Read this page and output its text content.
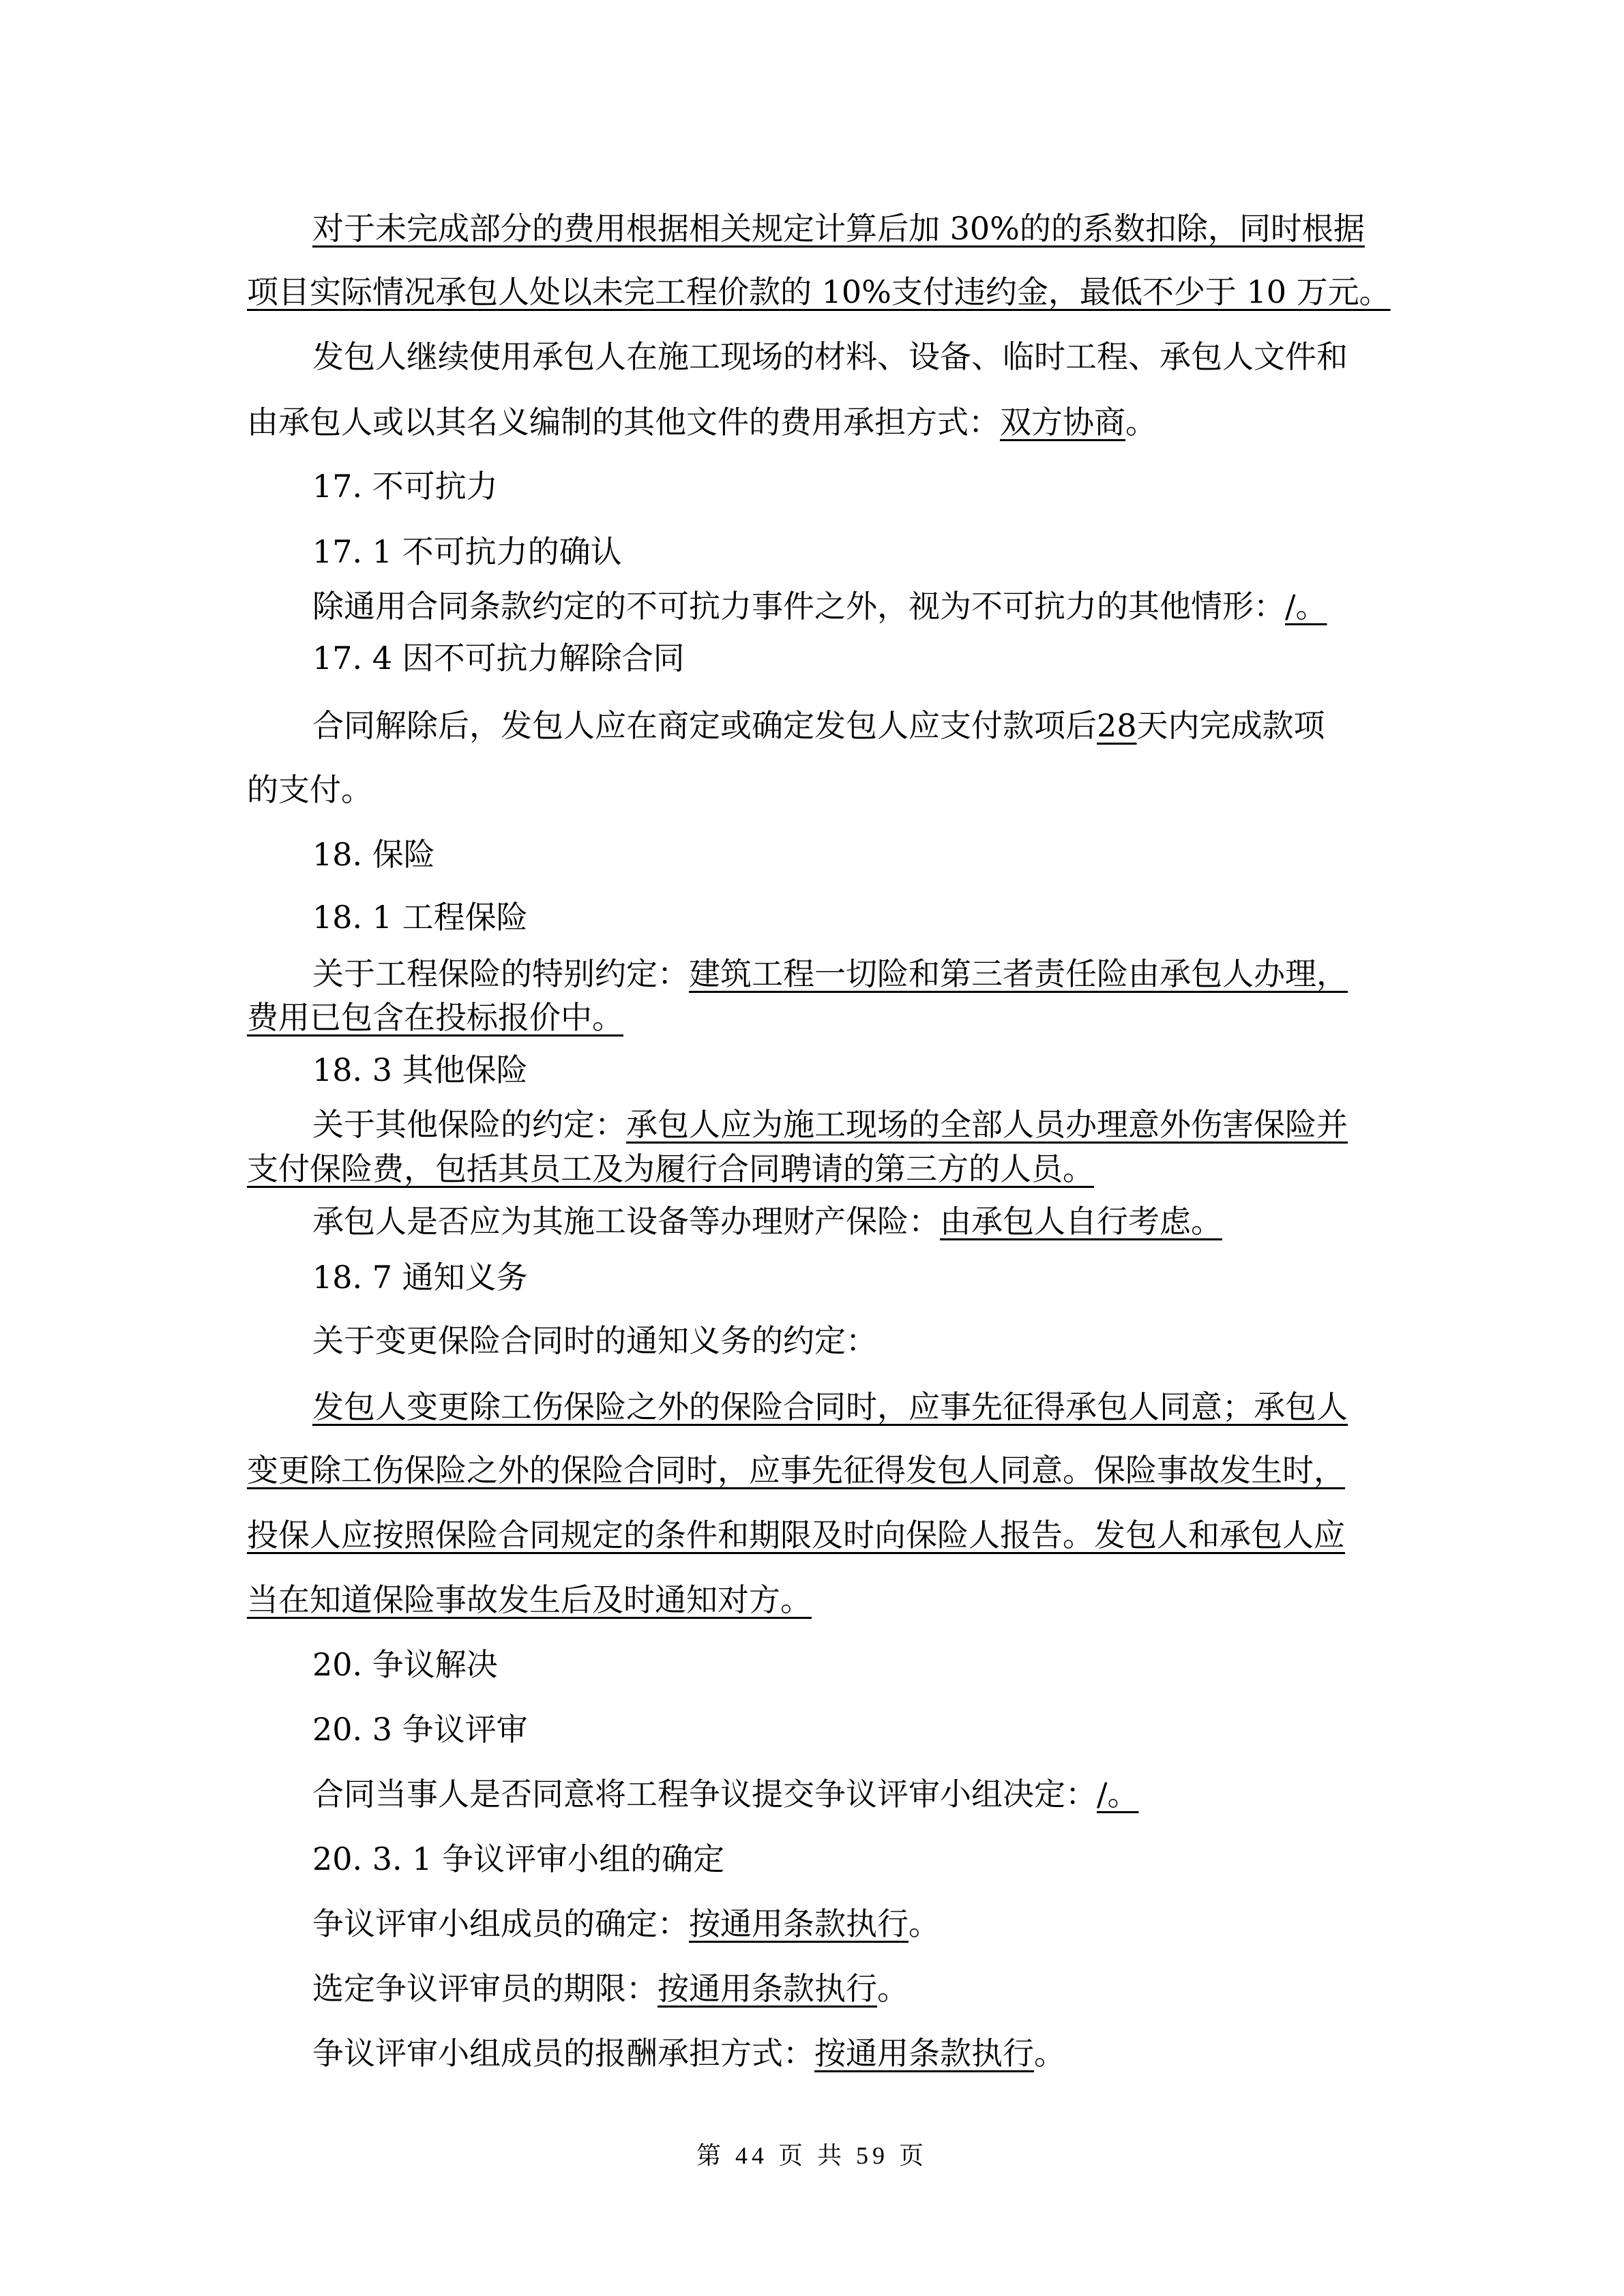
对于未完成部分的费用根据相关规定计算后加 30%的的系数扣除，同时根据
项目实际情况承包人处以未完工程价款的 10%支付违约金，最低不少于 10 万元。
发包人继续使用承包人在施工现场的材料、设备、临时工程、承包人文件和
由承包人或以其名义编制的其他文件的费用承担方式：双方协商。
17. 不可抗力
17. 1 不可抗力的确认
除通用合同条款约定的不可抗力事件之外，视为不可抗力的其他情形：/。
17. 4 因不可抗力解除合同
合同解除后，发包人应在商定或确定发包人应支付款项后28天内完成款项
的支付。
18. 保险
18. 1 工程保险
关于工程保险的特别约定：建筑工程一切险和第三者责任险由承包人办理，
费用已包含在投标报价中。
18. 3 其他保险
关于其他保险的约定：承包人应为施工现场的全部人员办理意外伤害保险并
支付保险费，包括其员工及为履行合同聘请的第三方的人员。
承包人是否应为其施工设备等办理财产保险：由承包人自行考虑。
18. 7 通知义务
关于变更保险合同时的通知义务的约定：
发包人变更除工伤保险之外的保险合同时，应事先征得承包人同意；承包人
变更除工伤保险之外的保险合同时，应事先征得发包人同意。保险事故发生时，
投保人应按照保险合同规定的条件和期限及时向保险人报告。发包人和承包人应
当在知道保险事故发生后及时通知对方。
20. 争议解决
20. 3 争议评审
合同当事人是否同意将工程争议提交争议评审小组决定：/。
20. 3. 1 争议评审小组的确定
争议评审小组成员的确定：按通用条款执行。
选定争议评审员的期限：按通用条款执行。
争议评审小组成员的报酬承担方式：按通用条款执行。
第 44 页 共 59 页
